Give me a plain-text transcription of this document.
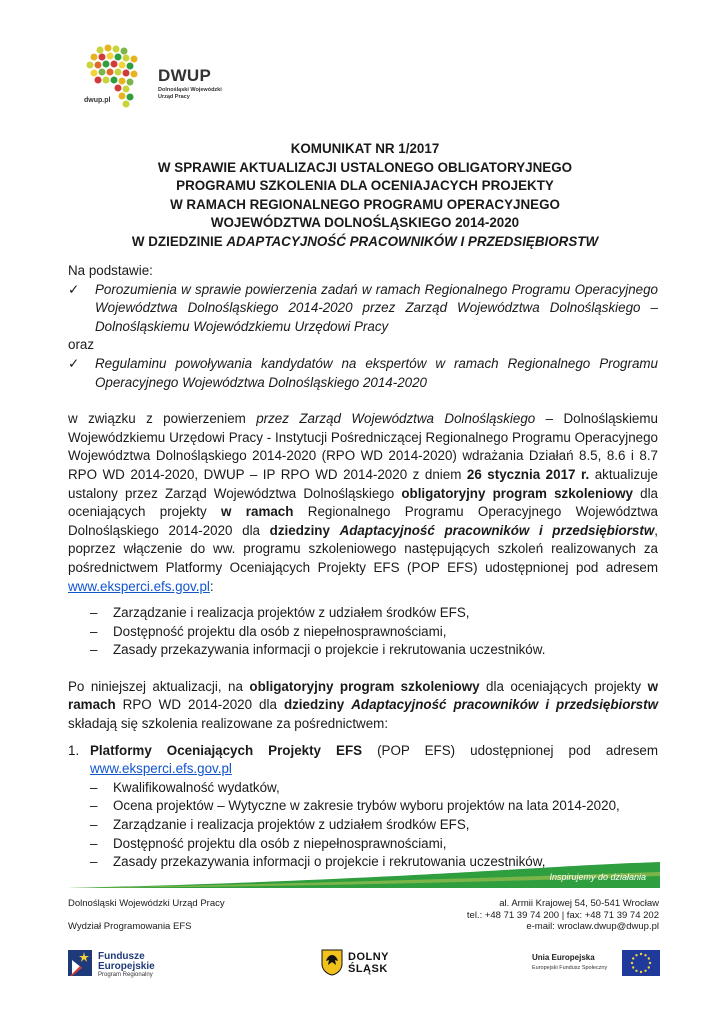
DWUP
Dolnośląski Wojewódzki
Urząd Pracy
dwup.pl
KOMUNIKAT NR 1/2017
W SPRAWIE AKTUALIZACJI USTALONEGO OBLIGATORYJNEGO
PROGRAMU SZKOLENIA DLA OCENIAJACYCH PROJEKTY
W RAMACH REGIONALNEGO PROGRAMU OPERACYJNEGO
WOJEWÓDZTWA DOLNOŚLĄSKIEGO 2014-2020
W DZIEDZINIE ADAPTACYJNOŚĆ PRACOWNIKÓW I PRZEDSIĘBIORSTW
Na podstawie:
✓ Porozumienia w sprawie powierzenia zadań w ramach Regionalnego Programu Operacyjnego Województwa Dolnośląskiego 2014-2020 przez Zarząd Województwa Dolnośląskiego – Dolnośląskiemu Wojewódzkiemu Urzędowi Pracy
oraz
✓ Regulaminu powoływania kandydatów na ekspertów w ramach Regionalnego Programu Operacyjnego Województwa Dolnośląskiego 2014-2020
w związku z powierzeniem przez Zarząd Województwa Dolnośląskiego – Dolnośląskiemu Wojewódzkiemu Urzędowi Pracy - Instytucji Pośredniczącej Regionalnego Programu Operacyjnego Województwa Dolnośląskiego 2014-2020 (RPO WD 2014-2020) wdrażania Działań 8.5, 8.6 i 8.7 RPO WD 2014-2020, DWUP – IP RPO WD 2014-2020 z dniem 26 stycznia 2017 r. aktualizuje ustalony przez Zarząd Województwa Dolnośląskiego obligatoryjny program szkoleniowy dla oceniających projekty w ramach Regionalnego Programu Operacyjnego Województwa Dolnośląskiego 2014-2020 dla dziedziny Adaptacyjność pracowników i przedsiębiorstw, poprzez włączenie do ww. programu szkoleniowego następujących szkoleń realizowanych za pośrednictwem Platformy Oceniających Projekty EFS (POP EFS) udostępnionej pod adresem www.eksperci.efs.gov.pl:
– Zarządzanie i realizacja projektów z udziałem środków EFS,
– Dostępność projektu dla osób z niepełnosprawnościami,
– Zasady przekazywania informacji o projekcie i rekrutowania uczestników.
Po niniejszej aktualizacji, na obligatoryjny program szkoleniowy dla oceniających projekty w ramach RPO WD 2014-2020 dla dziedziny Adaptacyjność pracowników i przedsiębiorstw składają się szkolenia realizowane za pośrednictwem:
1. Platformy Oceniających Projekty EFS (POP EFS) udostępnionej pod adresem www.eksperci.efs.gov.pl
– Kwalifikowalność wydatków,
– Ocena projektów – Wytyczne w zakresie trybów wyboru projektów na lata 2014-2020,
– Zarządzanie i realizacja projektów z udziałem środków EFS,
– Dostępność projektu dla osób z niepełnosprawnościami,
– Zasady przekazywania informacji o projekcie i rekrutowania uczestników,
Inspirujemy do działania
Dolnośląski Wojewódzki Urząd Pracy
Wydział Programowania EFS
al. Armii Krajowej 54, 50-541 Wrocław
tel.: +48 71 39 74 200 | fax: +48 71 39 74 202
e-mail: wroclaw.dwup@dwup.pl
Fundusze
Europejskie
Program Regionalny
DOLNY
ŚLĄSK
Unia Europejska
Europejski Fundusz Społeczny
